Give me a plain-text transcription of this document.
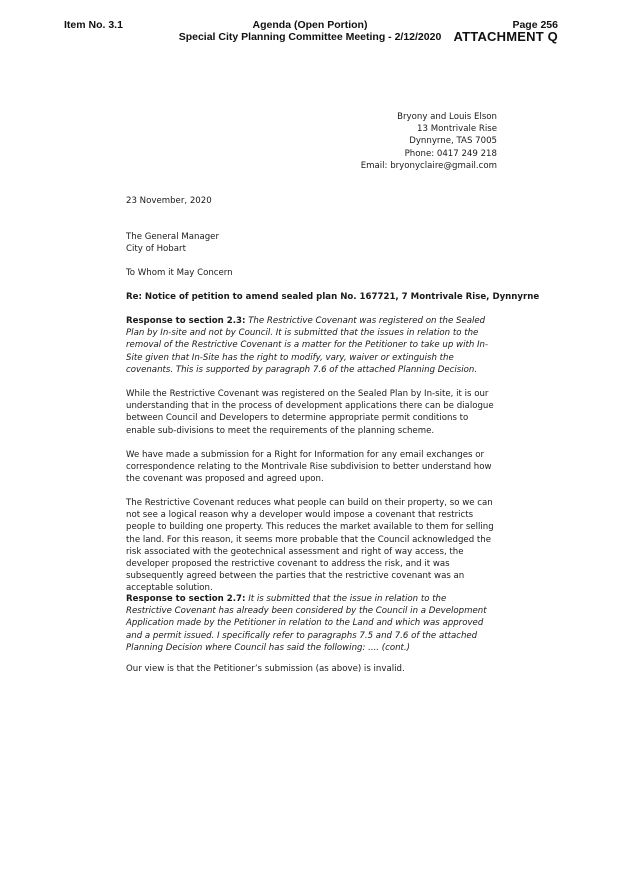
Item No. 3.1	Agenda (Open Portion)
Special City Planning Committee Meeting - 2/12/2020
Page 256
ATTACHMENT Q
Bryony and Louis Elson
13 Montrivale Rise
Dynnyrne, TAS 7005
Phone: 0417 249 218
Email: bryonyclaire@gmail.com
23 November, 2020
The General Manager
City of Hobart
To Whom it May Concern
Re: Notice of petition to amend sealed plan No. 167721, 7 Montrivale Rise, Dynnyrne
Response to section 2.3: The Restrictive Covenant was registered on the Sealed Plan by In-site and not by Council. It is submitted that the issues in relation to the removal of the Restrictive Covenant is a matter for the Petitioner to take up with In-Site given that In-Site has the right to modify, vary, waiver or extinguish the covenants. This is supported by paragraph 7.6 of the attached Planning Decision.
While the Restrictive Covenant was registered on the Sealed Plan by In-site, it is our understanding that in the process of development applications there can be dialogue between Council and Developers to determine appropriate permit conditions to enable sub-divisions to meet the requirements of the planning scheme.
We have made a submission for a Right for Information for any email exchanges or correspondence relating to the Montrivale Rise subdivision to better understand how the covenant was proposed and agreed upon.
The Restrictive Covenant reduces what people can build on their property, so we can not see a logical reason why a developer would impose a covenant that restricts people to building one property. This reduces the market available to them for selling the land. For this reason, it seems more probable that the Council acknowledged the risk associated with the geotechnical assessment and right of way access, the developer proposed the restrictive covenant to address the risk, and it was subsequently agreed between the parties that the restrictive covenant was an acceptable solution.
Response to section 2.7: It is submitted that the issue in relation to the Restrictive Covenant has already been considered by the Council in a Development Application made by the Petitioner in relation to the Land and which was approved and a permit issued. I specifically refer to paragraphs 7.5 and 7.6 of the attached Planning Decision where Council has said the following: .... (cont.)
Our view is that the Petitioner’s submission (as above) is invalid.
